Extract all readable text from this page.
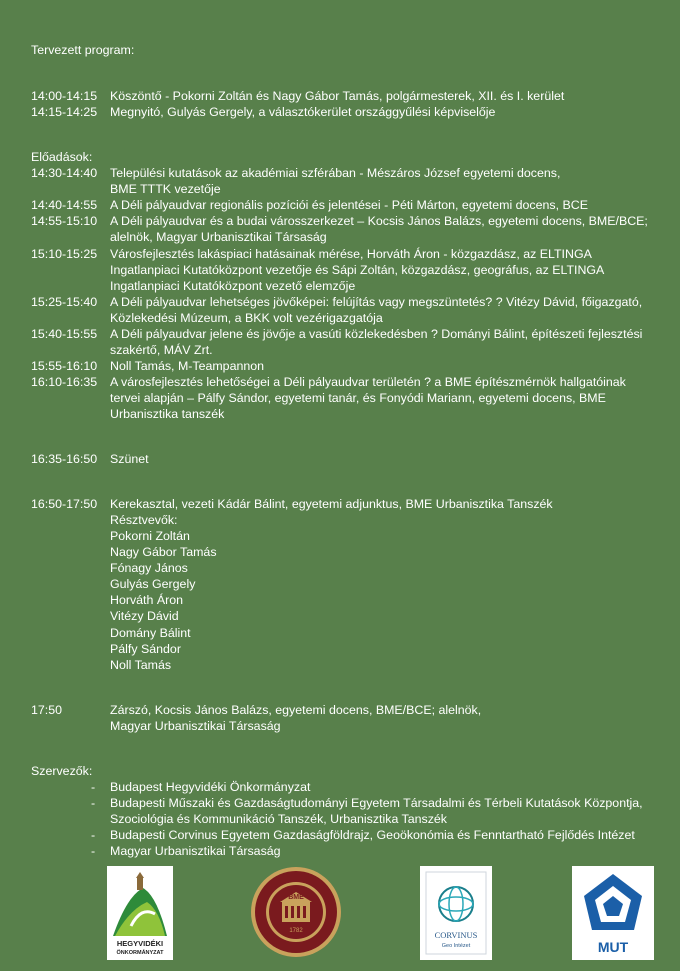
Tervezett program:
14:00-14:15 Köszöntő - Pokorni Zoltán és Nagy Gábor Tamás, polgármesterek, XII. és I. kerület
14:15-14:25 Megnyitó, Gulyás Gergely, a választókerület országgyűlési képviselője
Előadások:
14:30-14:40 Települési kutatások az akadémiai szférában - Mészáros József egyetemi docens,
BME TTTK vezetője
14:40-14:55 A Déli pályaudvar regionális pozíciói és jelentései - Péti Márton, egyetemi docens, BCE
14:55-15:10 A Déli pályaudvar és a budai városszerkezet – Kocsis János Balázs, egyetemi docens, BME/BCE;
alelnök, Magyar Urbanisztikai Társaság
15:10-15:25 Városfejlesztés lakáspiaci hatásainak mérése, Horváth Áron - közgazdász, az ELTINGA
Ingatlanpiaci Kutatóközpont vezetője és Sápi Zoltán, közgazdász, geográfus, az ELTINGA
Ingatlanpiaci Kutatóközpont vezető elemzője
15:25-15:40 A Déli pályaudvar lehetséges jövőképei: felújítás vagy megszüntetés? ? Vitézy Dávid, főigazgató,
Közlekedési Múzeum, a BKK volt vezérigazgatója
15:40-15:55 A Déli pályaudvar jelene és jövője a vasúti közlekedésben ? Dományi Bálint, építészeti fejlesztési
szakértő, MÁV Zrt.
15:55-16:10 Noll Tamás, M-Teampannon
16:10-16:35 A városfejlesztés lehetőségei a Déli pályaudvar területén ? a BME építészmérnök hallgatóinak
tervei alapján – Pálfy Sándor, egyetemi tanár, és Fonyódi Mariann, egyetemi docens, BME
Urbanisztika tanszék
16:35-16:50 Szünet
16:50-17:50 Kerekasztal, vezeti Kádár Bálint, egyetemi adjunktus, BME Urbanisztika Tanszék
Résztvevők:
Pokorni Zoltán
Nagy Gábor Tamás
Fónagy János
Gulyás Gergely
Horváth Áron
Vitézy Dávid
Domány Bálint
Pálfy Sándor
Noll Tamás
17:50	Zárszó, Kocsis János Balázs, egyetemi docens, BME/BCE; alelnök,
Magyar Urbanisztikai Társaság
Szervezők:
- Budapest Hegyvidéki Önkormányzat
- Budapesti Műszaki és Gazdaságtudományi Egyetem Társadalmi és Térbeli Kutatások Központja,
Szociológia és Kommunikáció Tanszék, Urbanisztika Tanszék
- Budapesti Corvinus Egyetem Gazdaságföldrajz, Geoökonómia és Fenntartható Fejlődés Intézet
- Magyar Urbanisztikai Társaság
HEGYVIDÉKI
ÖNKORMÁNYZAT
BME
1782	CORVINUS
Geo Intézet	MUT
